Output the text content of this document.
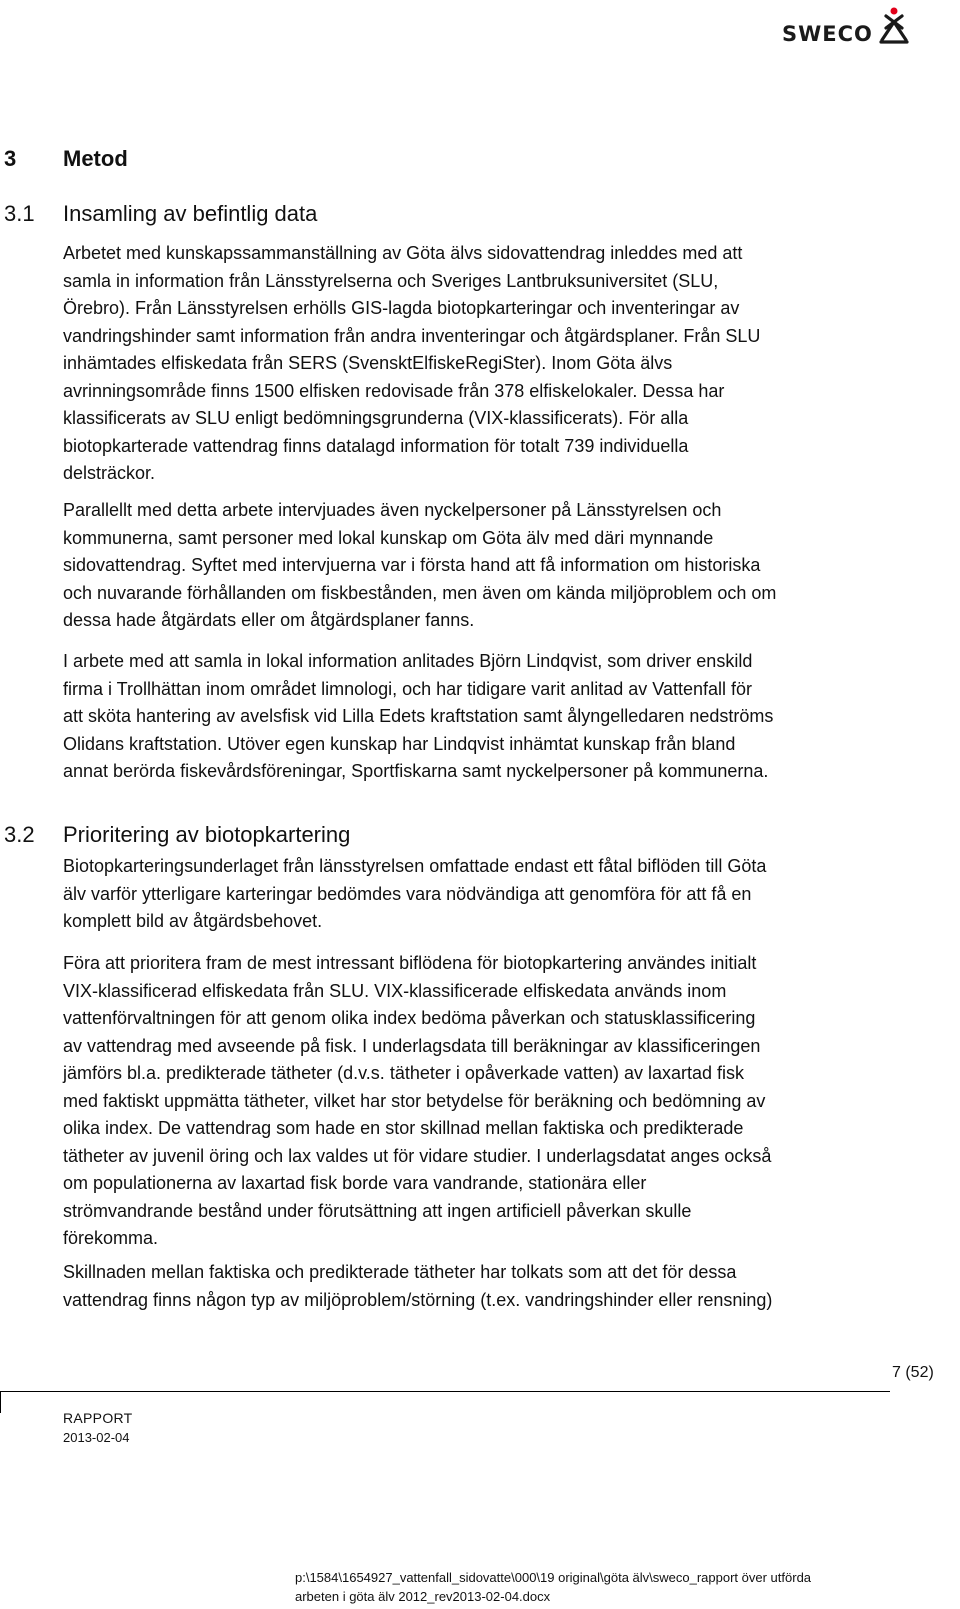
SWECO
3 Metod
3.1 Insamling av befintlig data

Arbetet med kunskapssammanställning av Göta älvs sidovattendrag inleddes med att
samla in information från Länsstyrelserna och Sveriges Lantbruksuniversitet (SLU,
Örebro). Från Länsstyrelsen erhölls GIS-lagda biotopkarteringar och inventeringar av
vandringshinder samt information från andra inventeringar och åtgärdsplaner. Från SLU
inhämtades elfiskedata från SERS (SvensktElfiskeRegiSter). Inom Göta älvs
avrinningsområde finns 1500 elfisken redovisade från 378 elfiskelokaler. Dessa har
klassificerats av SLU enligt bedömningsgrunderna (VIX-klassificerats). För alla
biotopkarterade vattendrag finns datalagd information för totalt 739 individuella
delsträckor.

Parallellt med detta arbete intervjuades även nyckelpersoner på Länsstyrelsen och
kommunerna, samt personer med lokal kunskap om Göta älv med däri mynnande
sidovattendrag. Syftet med intervjuerna var i första hand att få information om historiska
och nuvarande förhållanden om fiskbestånden, men även om kända miljöproblem och om
dessa hade åtgärdats eller om åtgärdsplaner fanns.

I arbete med att samla in lokal information anlitades Björn Lindqvist, som driver enskild
firma i Trollhättan inom området limnologi, och har tidigare varit anlitad av Vattenfall för
att sköta hantering av avelsfisk vid Lilla Edets kraftstation samt ålyngelledaren nedströms
Olidans kraftstation. Utöver egen kunskap har Lindqvist inhämtat kunskap från bland
annat berörda fiskevårdsföreningar, Sportfiskarna samt nyckelpersoner på kommunerna.

3.2 Prioritering av biotopkartering

Biotopkarteringsunderlaget från länsstyrelsen omfattade endast ett fåtal biflöden till Göta
älv varför ytterligare karteringar bedömdes vara nödvändiga att genomföra för att få en
komplett bild av åtgärdsbehovet.

Föra att prioritera fram de mest intressant biflödena för biotopkartering användes initialt
VIX-klassificerad elfiskedata från SLU. VIX-klassificerade elfiskedata används inom
vattenförvaltningen för att genom olika index bedöma påverkan och statusklassificering
av vattendrag med avseende på fisk. I underlagsdata till beräkningar av klassificeringen
jämförs bl.a. predikterade tätheter (d.v.s. tätheter i opåverkade vatten) av laxartad fisk
med faktiskt uppmätta tätheter, vilket har stor betydelse för beräkning och bedömning av
olika index. De vattendrag som hade en stor skillnad mellan faktiska och predikterade
tätheter av juvenil öring och lax valdes ut för vidare studier. I underlagsdatat anges också
om populationerna av laxartad fisk borde vara vandrande, stationära eller
strömvandrande bestånd under förutsättning att ingen artificiell påverkan skulle
förekomma.

Skillnaden mellan faktiska och predikterade tätheter har tolkats som att det för dessa
vattendrag finns någon typ av miljöproblem/störning (t.ex. vandringshinder eller rensning)

7 (52)
RAPPORT
2013-02-04

p:\1584\1654927_vattenfall_sidovatte\000\19 original\göta älv\sweco_rapport över utförda
arbeten i göta älv 2012_rev2013-02-04.docx
